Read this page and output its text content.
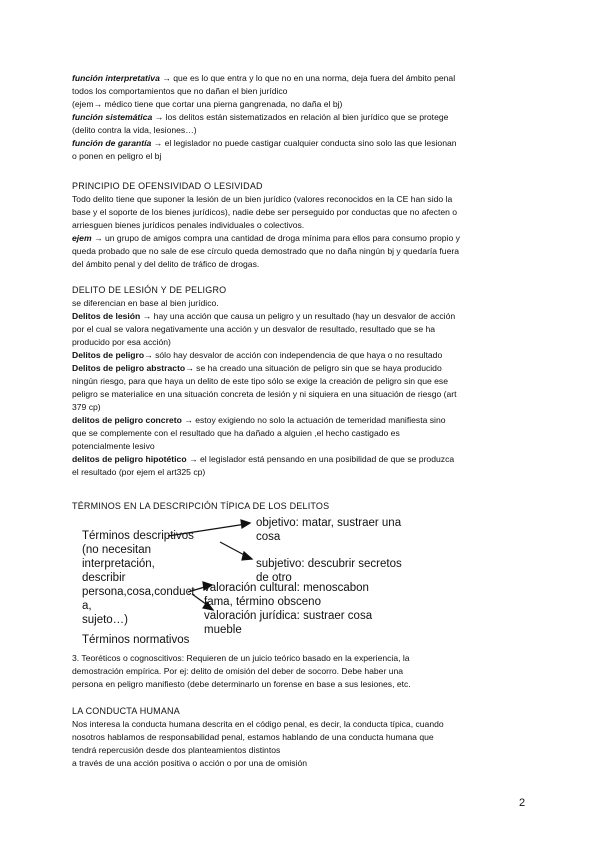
función interpretativa → que es lo que entra y lo que no en una norma, deja fuera del ámbito penal

todos los comportamientos que no dañan el bien jurídico

(ejem→ médico tiene que cortar una pierna gangrenada, no daña el bj)

función sistemática → los delitos están sistematizados en relación al bien jurídico que se protege

(delito contra la vida, lesiones…)

función de garantía → el legislador no puede castigar cualquier conducta sino solo las que lesionan

o ponen en peligro el bj

PRINCIPIO DE OFENSIVIDAD O LESIVIDAD

Todo delito tiene que suponer la lesión de un bien jurídico (valores reconocidos en la CE han sido la

base y el soporte de los bienes jurídicos), nadie debe ser perseguido por conductas que no afecten o

arriesguen bienes jurídicos penales individuales o colectivos.

ejem → un grupo de amigos compra una cantidad de droga mínima para ellos para consumo propio y

queda probado que no sale de ese círculo queda demostrado que no daña ningún bj y quedaría fuera

del ámbito penal y del delito de tráfico de drogas.

DELITO DE LESIÓN Y DE PELIGRO

se diferencian en base al bien jurídico.

Delitos de lesión → hay una acción que causa un peligro y un resultado (hay un desvalor de acción

por el cual se valora negativamente una acción y un desvalor de resultado, resultado que se ha

producido por esa acción)

Delitos de peligro→ sólo hay desvalor de acción con independencia de que haya o no resultado

Delitos de peligro abstracto→ se ha creado una situación de peligro sin que se haya producido

ningún riesgo, para que haya un delito de este tipo sólo se exige la creación de peligro sin que ese

peligro se materialice en una situación concreta de lesión y ni siquiera en una situación de riesgo (art

379 cp)

delitos de peligro concreto → estoy exigiendo no solo la actuación de temeridad manifiesta sino

que se complemente con el resultado que ha dañado a alguien ,el hecho castigado es

potencialmente lesivo

delitos de peligro hipotético → el legislador está pensando en una posibilidad de que se produzca

el resultado (por ejem el art325 cp)

TÉRMINOS EN LA DESCRIPCIÓN TÍPICA DE LOS DELITOS

Términos descriptivos
(no necesitan
interpretación,
describir
persona,cosa,conduct
a,
sujeto…)
Términos normativos
objetivo: matar, sustraer una
cosa
subjetivo: descubrir secretos
de otro
valoración cultural: menoscabon
fama, término obsceno
valoración jurídica: sustraer cosa
mueble

3. Teoréticos o cognoscitivos: Requieren de un juicio teórico basado en la experiencia, la

demostración empírica. Por ej: delito de omisión del deber de socorro. Debe haber una

persona en peligro manifiesto (debe determinarlo un forense en base a sus lesiones, etc.

LA CONDUCTA HUMANA

Nos interesa la conducta humana descrita en el código penal, es decir, la conducta típica, cuando

nosotros hablamos de responsabilidad penal, estamos hablando de una conducta humana que

tendrá repercusión desde dos planteamientos distintos

a través de una acción positiva o acción o por una de omisión

2
